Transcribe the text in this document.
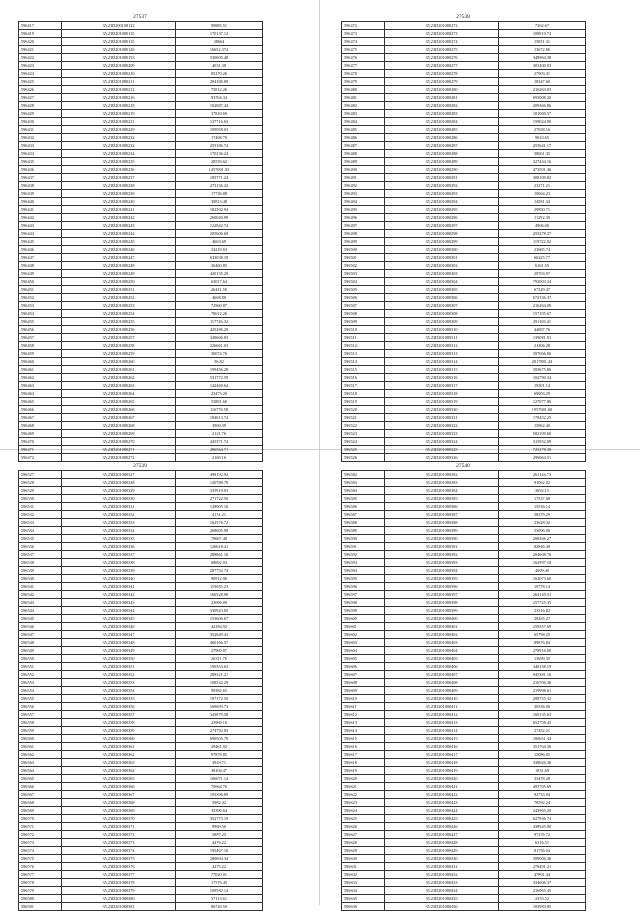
27537
596417	35.23D200108122	99885.51
596419	35.23D201080125	170137.12
596420	35.23D201080125	38664
596421	35.23D201080126	16652.374
596422	35.23D201080153	530695.48
596423	35.23D201080209	4031.38
596424	35.23D201080210	85270.26
596425	35.23D201080211	284186.89
596426	35.23D201080212	75812.26
596427	35.23D201080216	83764.34
596428	35.23D201080218	102887.44
596429	35.23D201080219	37810.69
596430	35.23D201080221	137716.63
596431	35.23D201080229	109958.03
596432	35.23D201080232	17468.70
596433	35.23D201080232	255186.74
596434	35.23D201080234	170236.24
596435	35.23D201080235	28539.62
596436	35.23D201080236	1457691.03
596437	35.23D201080237	185771.24
596438	35.23D201080238	273136.22
596439	35.23D201080239	17736.88
596440	35.23D201080240	30813.48
596441	35.23D201080241	182502.94
596442	35.23D201080242	260040.99
596443	35.23D201080243	122842.74
596444	35.23D201080244	205606.68
596445	35.23D201080245	4663.69
596446	35.23D201080246	24219.63
596447	35.23D201080247	633038.18
596448	35.23D201080248	36460.85
596449	35.23D201080249	420135.29
596450	35.23D201080250	63017.64
596451	35.23D201080251	26441.50
596452	35.23D201080252	4668.80
596453	35.23D201080253	72960.87
596454	35.23D201080254	78612.26
596455	35.23D201080255	117726.32
596456	35.23D201080256	425286.29
596457	35.23D201080257	349666.83
596458	35.23D201080258	226661.03
596459	35.23D201080259	30074.76
596460	35.23D201080260	56.82
596461	35.23D201080261	199456.28
596462	35.23D201080262	531772.59
596463	35.23D201080263	142469.64
596464	35.23D201080264	23473.20
596465	35.23D201080265	53891.60
596466	35.23D201080266	116776.58
596467	35.23D201080267	184013.74
596468	35.23D201080268	3969.39
596469	35.23D201080269	2121.76
596470	35.23D201080270	445371.74
596471	35.23D201080271	286564.71
596472	35.23D201080272	2160.16
27538
596472	35.23D201080272	7362.67
596473	35.23D201080273	108919.74
596474	35.23D201080274	15851.31
596475	35.23D201080275	13672.86
596476	35.23D201080276	348964.38
596477	35.23D201080277	303400.93
596478	35.23D201080278	27903.31
596479	35.23D201080279	18347.60
596480	35.23D201080280	216263.03
596481	35.23D201080281	693008.20
596482	35.23D201080282	209366.86
596483	35.23D201080283	181069.57
596484	35.23D201080284	159024.90
596485	35.23D201080285	27658.16
596486	35.23D201080286	9023.65
596487	35.23D201080287	255641.17
596488	35.23D201080288	38601.35
596489	35.23D201080289	327444.16
596490	35.23D201080290	473591.46
596491	35.23D201080291	308109.82
596492	35.23D201080292	23371.21
596493	35.23D201080293	10664.23
596494	35.23D201080294	14581.34
596495	35.23D201080295	29850.71
596496	35.23D201080296	11292.39
596497	35.23D201080297	4966.00
596498	35.23D201080298	255278.37
596499	35.23D201080299	119722.02
596500	35.23D201080300	23605.74
596501	35.23D201080301	66225.77
596502	35.23D201080302	6161.55
596503	35.23D201080303	29703.97
596504	35.23D201080304	792003.34
596505	35.23D201080305	67329.47
596506	35.23D201080306	672336.37
596507	35.23D201080307	216264.09
596508	35.23D201080308	157195.67
596509	35.23D201080309	291103.41
596510	35.23D201080310	44697.76
596511	35.23D201080311	139081.91
596512	35.23D201080312	21306.28
596513	35.23D201080313	397066.06
596514	35.23D201080314	2817881.44
596515	35.23D201080315	393675.86
596516	35.23D201080316	102790.34
596517	35.23D201080317	19301.14
596518	35.23D201080318	69003.29
596519	35.23D201080319	127077.86
596520	35.23D201080320	1957681.60
596521	35.23D201080321	178452.25
596522	35.23D201080322	15862.40
596523	35.23D201080323	582109.60
596524	35.23D201080324	315952.09
596525	35.23D201080325	725278.39
596526	35.23D201080326	296064.51
27539
596527	35.23D201080327	498192.92
596528	35.23D201080328	120788.78
596529	35.23D201080329	335919.03
596530	35.23D201080330	271722.56
596531	35.23D201080331	138905.16
596532	35.23D201080332	4131.21
596533	35.23D201080333	162576.72
596534	35.23D201080334	268605.99
596535	35.23D201080335	78667.48
596536	35.23D201080336	126618.41
596537	35.23D201080337	288861.16
596538	35.23D201080338	68692.03
596539	35.23D201080339	287752.74
596540	35.23D201080340	90912.96
596541	35.23D201080341	119035.23
596542	35.23D201080342	166528.90
596543	35.23D201080343	23096.09
596544	35.23D201080344	330923.65
596545	35.23D201080345	153606.67
596546	35.23D201080346	42184.92
596547	35.23D201080347	352649.43
596548	35.23D201080348	460166.57
596549	35.23D201080349	27969.87
596550	35.23D201080350	26311.70
596551	35.23D201080351	190353.63
596552	35.23D201080352	288321.21
596553	35.23D201080353	108532.29
596554	35.23D201080354	99382.65
596555	35.23D201080355	197172.50
596556	35.23D201080356	169693.73
596557	35.23D201080357	343879.58
596558	35.23D201080358	23969.10
596559	35.23D201080359	274792.83
596560	35.23D201080360	690505.78
596561	35.23D201080361	29461.92
596562	35.23D201080362	97878.85
596563	35.23D201080363	3929.71
596564	35.23D201080364	38104.47
596565	35.23D201080365	106071.14
596566	35.23D201080366	70064.76
596567	35.23D201080367	193396.89
596568	35.23D201080368	5982.42
596569	35.23D201080369	35396.64
596570	35.23D201080370	352773.19
596571	35.23D201080371	9969.50
596572	35.23D201080372	5887.25
596573	35.23D201080373	4476.22
596574	35.23D201080374	195467.16
596575	35.23D201080375	280694.34
596576	35.23D201080376	4275.22
596577	35.23D201080377	77020.01
596578	35.23D201080378	17576.45
596579	35.23D201080379	109582.14
596580	35.23D201080380	57113.61
596581	35.23D201080381	86720.50
27540
596582	35.23D201080382	261144.73
596583	35.23D201080383	91062.02
596584	35.23D201080384	3692.15
596585	35.23D201080385	17537.68
596586	35.23D201080386	15536.14
596587	35.23D201080387	58379.29
596588	35.23D201080388	23628.32
596589	35.23D201080389	53096.00
596590	35.23D201080390	208266.27
596591	35.23D201080391	82846.49
596592	35.23D201080392	204608.76
596593	35.23D201080393	162997.18
596594	35.23D201080394	4699.40
596595	35.23D201080395	162073.60
596596	35.23D201080396	19778.14
596597	35.23D201080397	264145.51
596598	35.23D201080398	257725.35
596599	35.23D201080399	23316.82
596600	35.23D201080400	28265.27
596601	35.23D201080401	259357.69
596602	35.23D201080402	65798.25
596603	35.23D201080403	89876.84
596604	35.23D201080404	278916.00
596605	35.23D201080405	13699.35
596606	35.23D201080406	348158.19
596607	35.23D201080407	945381.16
596608	35.23D201080408	216706.36
596609	35.23D201080409	219998.61
596610	35.23D201080410	298755.32
596611	35.23D201080411	30536.00
596612	35.23D201080412	160135.63
596613	35.23D201080413	652758.45
596614	35.23D201080414	27452.21
596615	35.23D201080415	180651.44
596616	35.23D201080416	351764.36
596617	35.23D201080417	15086.05
596618	35.23D201080418	338626.36
596619	35.23D201080419	1831.69
596620	35.23D201080420	33478.28
596621	35.23D201080421	495705.69
596622	35.23D201080422	92733.04
596623	35.23D201080423	78592.24
596624	35.23D201080424	243905.20
596625	35.23D201080425	627936.74
596626	35.23D201080426	438945.00
596627	35.23D201080427	97276.72
596628	35.23D201080428	6316.51
596629	35.23D201080429	81756.04
596630	35.23D201080430	399006.36
596631	35.23D201080431	278491.21
596632	35.23D201080432	47891.44
596633	35.23D201080433	334606.37
596634	35.23D201080434	216965.45
596635	35.23D201080435	2353.52
596636	35.23D201080436	183983.85
